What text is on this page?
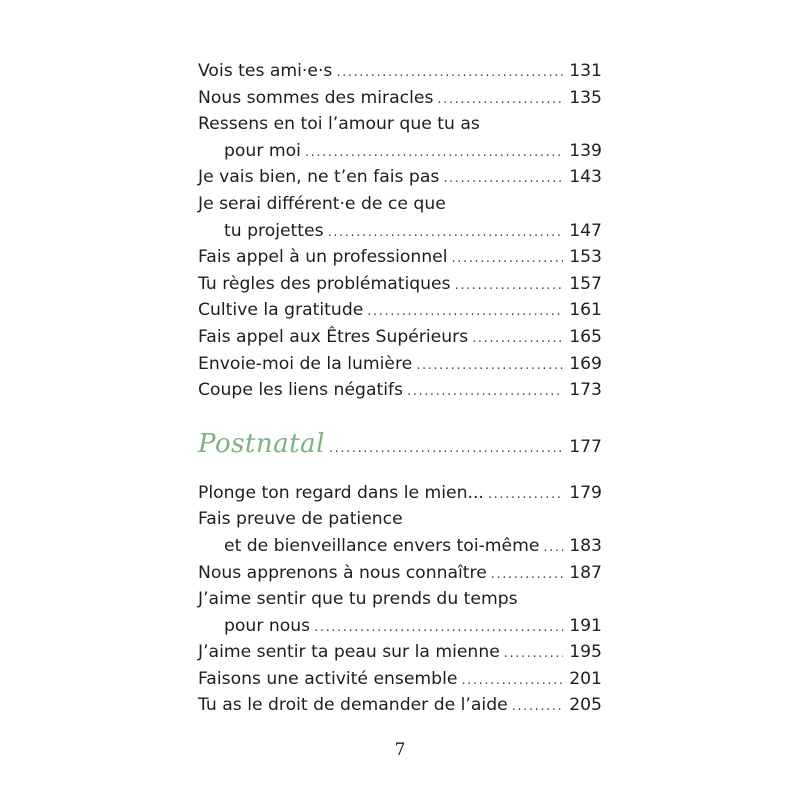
Vois tes ami·e·s .....	131
Nous sommes des miracles .....	135
Ressens en toi l’amour que tu as
pour moi .....	139
Je vais bien, ne t’en fais pas .....	143
Je serai différent·e de ce que
tu projettes .....	147
Fais appel à un professionnel .....	153
Tu règles des problématiques .....	157
Cultive la gratitude .....	161
Fais appel aux Êtres Supérieurs .....	165
Envoie-moi de la lumière .....	169
Coupe les liens négatifs .....	173
Postnatal .....	177
Plonge ton regard dans le mien... .....	179
Fais preuve de patience
et de bienveillance envers toi-même ..... 183
Nous apprenons à nous connaître .....	187
J’aime sentir que tu prends du temps
pour nous .....	191
J’aime sentir ta peau sur la mienne .....	195
Faisons une activité ensemble .....	201
Tu as le droit de demander de l’aide .....	205
7
